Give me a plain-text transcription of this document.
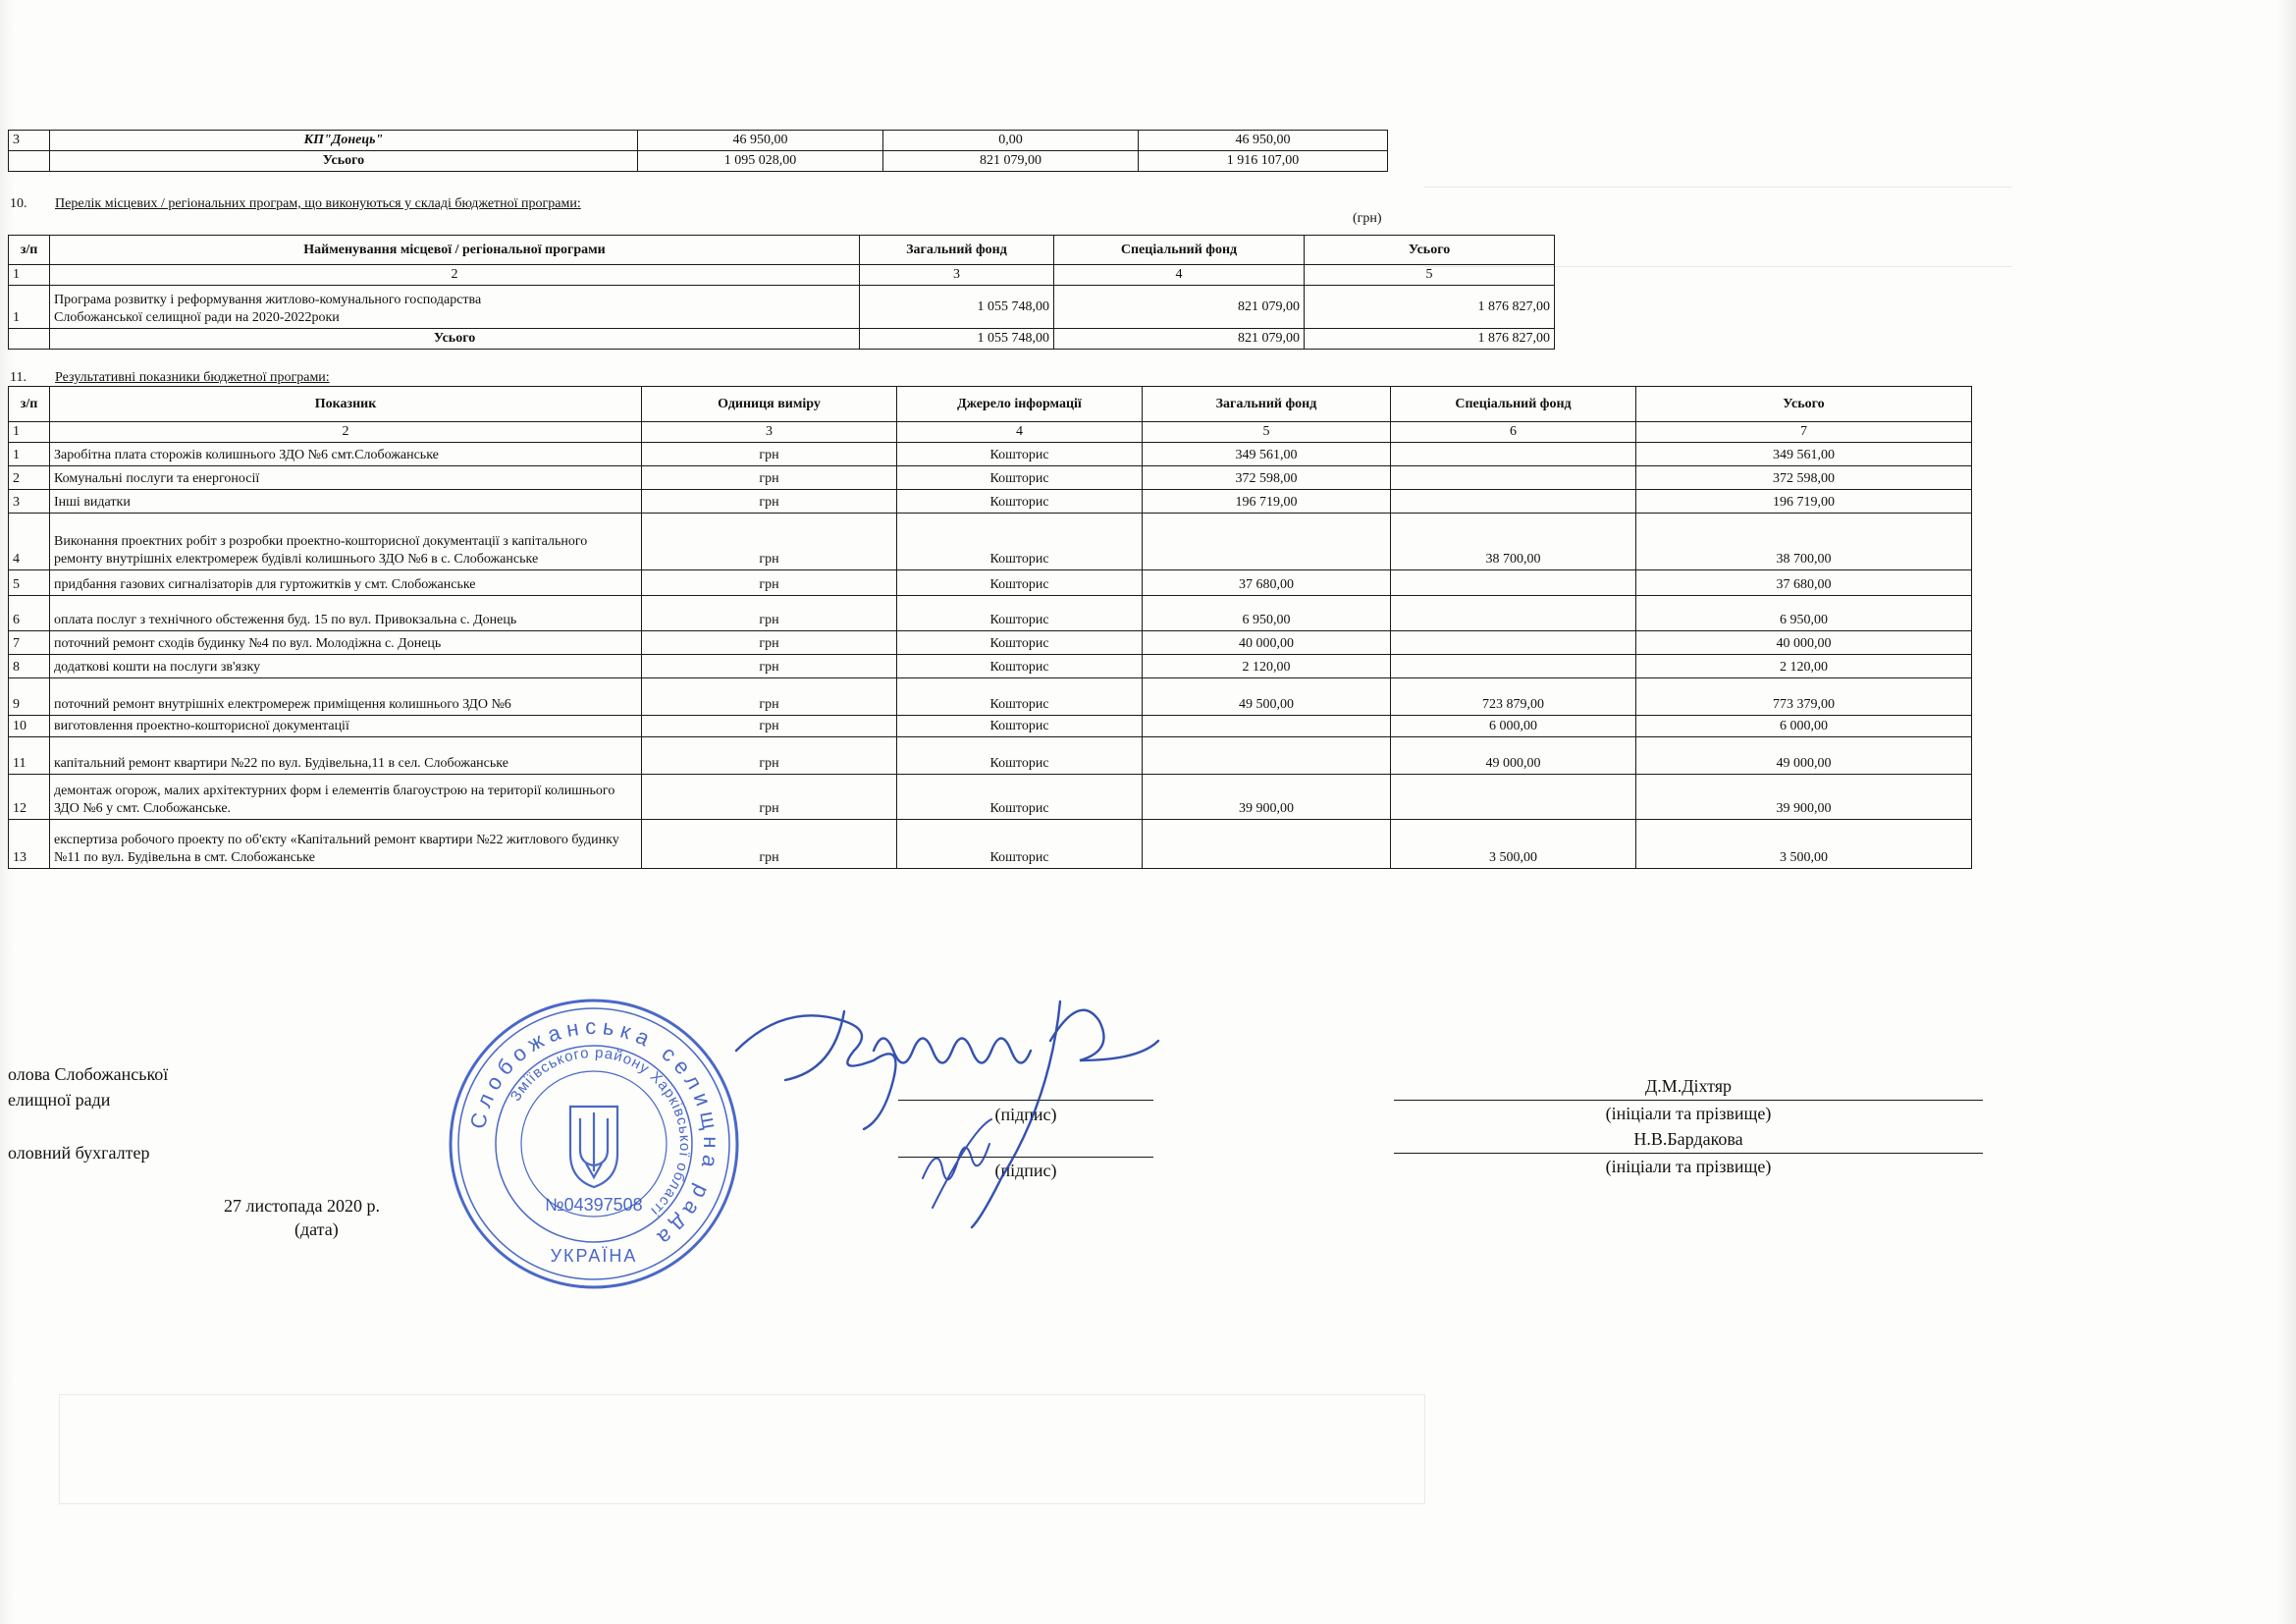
3	КП"Донець"	46 950,00	0,00	46 950,00
	Усього	1 095 028,00	821 079,00	1 916 107,00
10. Перелік місцевих / регіональних програм, що виконуються у складі бюджетної програми:
(грн)
з/п	Найменування місцевої / регіональної програми	Загальний фонд	Спеціальний фонд	Усього
1	2	3	4	5
1	Програма розвитку і реформування житлово-комунального господарства
Слобожанської селищної ради на 2020-2022роки	1 055 748,00	821 079,00	1 876 827,00
	Усього	1 055 748,00	821 079,00	1 876 827,00
11. Результативні показники бюджетної програми:
з/п	Показник	Одиниця виміру	Джерело інформації	Загальний фонд	Спеціальний фонд	Усього
1	2	3	4	5	6	7
1	Заробітна плата сторожів колишнього ЗДО №6 смт.Слобожанське	грн	Кошторис	349 561,00		349 561,00
2	Комунальні послуги та енергоносії	грн	Кошторис	372 598,00		372 598,00
3	Інші видатки	грн	Кошторис	196 719,00		196 719,00
4	Виконання проектних робіт з розробки проектно-кошторисної документації з капітального ремонту внутрішніх електромереж будівлі колишнього ЗДО №6 в с. Слобожанське	грн	Кошторис		38 700,00	38 700,00
5	придбання газових сигналізаторів для гуртожитків у смт. Слобожанське	грн	Кошторис	37 680,00		37 680,00
6	оплата послуг з технічного обстеження буд. 15 по вул. Привокзальна с. Донець	грн	Кошторис	6 950,00		6 950,00
7	поточний ремонт сходів будинку №4 по вул. Молодіжна с. Донець	грн	Кошторис	40 000,00		40 000,00
8	додаткові кошти на послуги зв'язку	грн	Кошторис	2 120,00		2 120,00
9	поточний ремонт внутрішніх електромереж приміщення колишнього ЗДО №6	грн	Кошторис	49 500,00	723 879,00	773 379,00
10	виготовлення проектно-кошторисної документації	грн	Кошторис		6 000,00	6 000,00
11	капітальний ремонт квартири №22 по вул. Будівельна,11 в сел. Слобожанське	грн	Кошторис		49 000,00	49 000,00
12	демонтаж огорож, малих архітектурних форм і елементів благоустрою на території колишнього ЗДО №6 у смт. Слобожанське.	грн	Кошторис	39 900,00		39 900,00
13	експертиза робочого проекту по об'єкту «Капітальний ремонт квартири №22 житлового будинку №11 по вул. Будівельна в смт. Слобожанське	грн	Кошторис		3 500,00	3 500,00
олова Слобожанської
елищної ради
оловний бухгалтер
(підпис)
(підпис)
Д.М.Діхтяр
(ініціали та прізвище)
Н.В.Бардакова
(ініціали та прізвище)
27 листопада 2020 р.
(дата)
Слобожанська селищна рада
Зміївського району Харківської області
№04397508
УКРАЇНА
